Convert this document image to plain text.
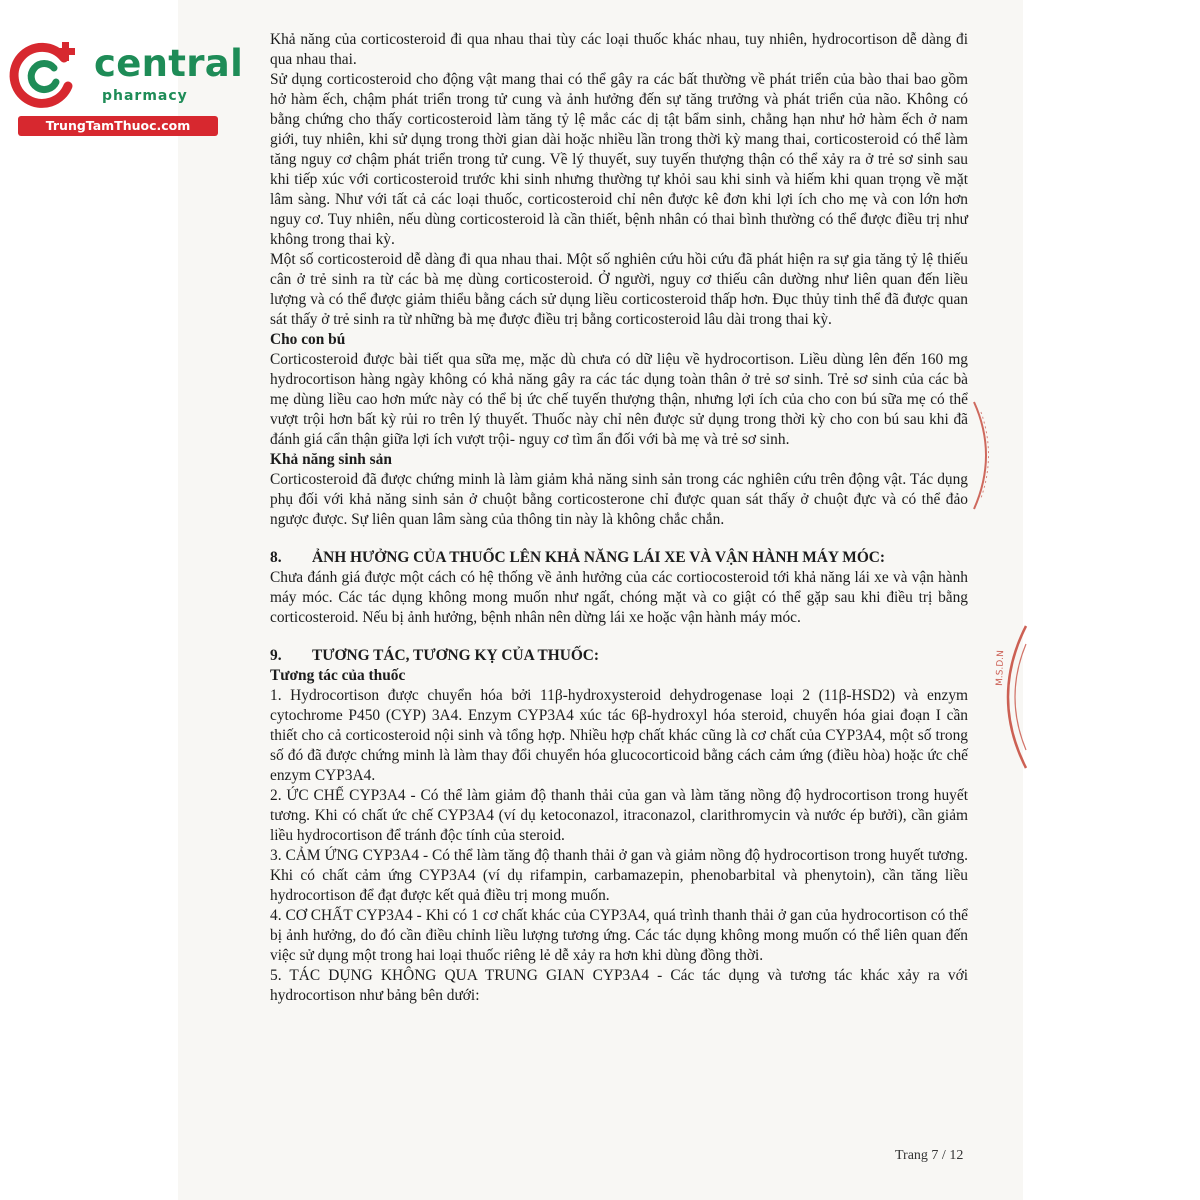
central
pharmacy
TrungTamThuoc.com

Khả năng của corticosteroid đi qua nhau thai tùy các loại thuốc khác nhau, tuy nhiên, hydrocortison dễ dàng đi qua nhau thai.

Sử dụng corticosteroid cho động vật mang thai có thể gây ra các bất thường về phát triển của bào thai bao gồm hở hàm ếch, chậm phát triển trong tử cung và ảnh hưởng đến sự tăng trưởng và phát triển của não. Không có bằng chứng cho thấy corticosteroid làm tăng tỷ lệ mắc các dị tật bẩm sinh, chẳng hạn như hở hàm ếch ở nam giới, tuy nhiên, khi sử dụng trong thời gian dài hoặc nhiều lần trong thời kỳ mang thai, corticosteroid có thể làm tăng nguy cơ chậm phát triển trong tử cung. Về lý thuyết, suy tuyến thượng thận có thể xảy ra ở trẻ sơ sinh sau khi tiếp xúc với corticosteroid trước khi sinh nhưng thường tự khỏi sau khi sinh và hiếm khi quan trọng về mặt lâm sàng. Như với tất cả các loại thuốc, corticosteroid chỉ nên được kê đơn khi lợi ích cho mẹ và con lớn hơn nguy cơ. Tuy nhiên, nếu dùng corticosteroid là cần thiết, bệnh nhân có thai bình thường có thể được điều trị như không trong thai kỳ.

Một số corticosteroid dễ dàng đi qua nhau thai. Một số nghiên cứu hồi cứu đã phát hiện ra sự gia tăng tỷ lệ thiếu cân ở trẻ sinh ra từ các bà mẹ dùng corticosteroid. Ở người, nguy cơ thiếu cân dường như liên quan đến liều lượng và có thể được giảm thiểu bằng cách sử dụng liều corticosteroid thấp hơn. Đục thủy tinh thể đã được quan sát thấy ở trẻ sinh ra từ những bà mẹ được điều trị bằng corticosteroid lâu dài trong thai kỳ.

Cho con bú

Corticosteroid được bài tiết qua sữa mẹ, mặc dù chưa có dữ liệu về hydrocortison. Liều dùng lên đến 160 mg hydrocortison hàng ngày không có khả năng gây ra các tác dụng toàn thân ở trẻ sơ sinh. Trẻ sơ sinh của các bà mẹ dùng liều cao hơn mức này có thể bị ức chế tuyến thượng thận, nhưng lợi ích của cho con bú sữa mẹ có thể vượt trội hơn bất kỳ rủi ro trên lý thuyết. Thuốc này chỉ nên được sử dụng trong thời kỳ cho con bú sau khi đã đánh giá cẩn thận giữa lợi ích vượt trội- nguy cơ tìm ẩn đối với bà mẹ và trẻ sơ sinh.

Khả năng sinh sản

Corticosteroid đã được chứng minh là làm giảm khả năng sinh sản trong các nghiên cứu trên động vật. Tác dụng phụ đối với khả năng sinh sản ở chuột bằng corticosterone chỉ được quan sát thấy ở chuột đực và có thể đảo ngược được. Sự liên quan lâm sàng của thông tin này là không chắc chắn.

8.	ẢNH HƯỞNG CỦA THUỐC LÊN KHẢ NĂNG LÁI XE VÀ VẬN HÀNH MÁY MÓC:

Chưa đánh giá được một cách có hệ thống về ảnh hưởng của các cortiocosteroid tới khả năng lái xe và vận hành máy móc. Các tác dụng không mong muốn như ngất, chóng mặt và co giật có thể gặp sau khi điều trị bằng corticosteroid. Nếu bị ảnh hưởng, bệnh nhân nên dừng lái xe hoặc vận hành máy móc.

9.	TƯƠNG TÁC, TƯƠNG KỴ CỦA THUỐC:

Tương tác của thuốc

1. Hydrocortison được chuyển hóa bởi 11β-hydroxysteroid dehydrogenase loại 2 (11β-HSD2) và enzym cytochrome P450 (CYP) 3A4. Enzym CYP3A4 xúc tác 6β-hydroxyl hóa steroid, chuyển hóa giai đoạn I cần thiết cho cả corticosteroid nội sinh và tổng hợp. Nhiều hợp chất khác cũng là cơ chất của CYP3A4, một số trong số đó đã được chứng minh là làm thay đổi chuyển hóa glucocorticoid bằng cách cảm ứng (điều hòa) hoặc ức chế enzym CYP3A4.

2. ỨC CHẾ CYP3A4 - Có thể làm giảm độ thanh thải của gan và làm tăng nồng độ hydrocortison trong huyết tương. Khi có chất ức chế CYP3A4 (ví dụ ketoconazol, itraconazol, clarithromycin và nước ép bưởi), cần giảm liều hydrocortison để tránh độc tính của steroid.

3. CẢM ỨNG CYP3A4 - Có thể làm tăng độ thanh thải ở gan và giảm nồng độ hydrocortison trong huyết tương. Khi có chất cảm ứng CYP3A4 (ví dụ rifampin, carbamazepin, phenobarbital và phenytoin), cần tăng liều hydrocortison để đạt được kết quả điều trị mong muốn.

4. CƠ CHẤT CYP3A4 - Khi có 1 cơ chất khác của CYP3A4, quá trình thanh thải ở gan của hydrocortison có thể bị ảnh hưởng, do đó cần điều chỉnh liều lượng tương ứng. Các tác dụng không mong muốn có thể liên quan đến việc sử dụng một trong hai loại thuốc riêng lẻ dễ xảy ra hơn khi dùng đồng thời.

5. TÁC DỤNG KHÔNG QUA TRUNG GIAN CYP3A4 - Các tác dụng và tương tác khác xảy ra với hydrocortison như bảng bên dưới:

M.S.D.N
Trang 7 / 12
